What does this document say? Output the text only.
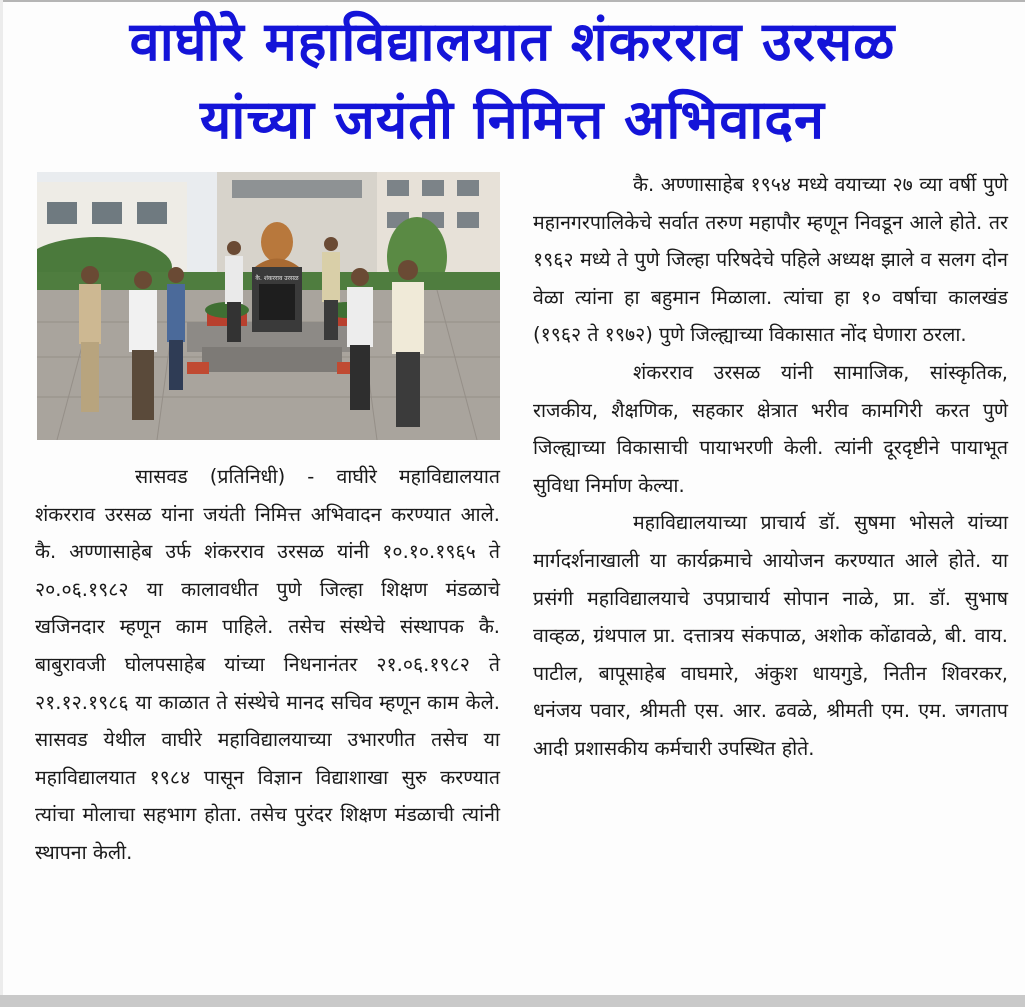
वाघीरे महाविद्यालयात शंकरराव उरसळ
यांच्या जयंती निमित्त अभिवादन
कै. शंकरराव उरसळ

सासवड (प्रतिनिधी) - वाघीरे महाविद्यालयात शंकरराव उरसळ यांना जयंती निमित्त अभिवादन करण्यात आले. कै. अण्णासाहेब उर्फ शंकरराव उरसळ यांनी १०.१०.१९६५ ते २०.०६.१९८२ या कालावधीत पुणे जिल्हा शिक्षण मंडळाचे खजिनदार म्हणून काम पाहिले. तसेच संस्थेचे संस्थापक कै. बाबुरावजी घोलपसाहेब यांच्या निधनानंतर २१.०६.१९८२ ते २१.१२.१९८६ या काळात ते संस्थेचे मानद सचिव म्हणून काम केले. सासवड येथील वाघीरे महाविद्यालयाच्या उभारणीत तसेच या महाविद्यालयात १९८४ पासून विज्ञान विद्याशाखा सुरु करण्यात त्यांचा मोलाचा सहभाग होता. तसेच पुरंदर शिक्षण मंडळाची त्यांनी स्थापना केली.

कै. अण्णासाहेब १९५४ मध्ये वयाच्या २७ व्या वर्षी पुणे महानगरपालिकेचे सर्वात तरुण महापौर म्हणून निवडून आले होते. तर १९६२ मध्ये ते पुणे जिल्हा परिषदेचे पहिले अध्यक्ष झाले व सलग दोन वेळा त्यांना हा बहुमान मिळाला. त्यांचा हा १० वर्षाचा कालखंड (१९६२ ते १९७२) पुणे जिल्ह्याच्या विकासात नोंद घेणारा ठरला.

शंकरराव उरसळ यांनी सामाजिक, सांस्कृतिक, राजकीय, शैक्षणिक, सहकार क्षेत्रात भरीव कामगिरी करत पुणे जिल्ह्याच्या विकासाची पायाभरणी केली. त्यांनी दूरदृष्टीने पायाभूत सुविधा निर्माण केल्या.

महाविद्यालयाच्या प्राचार्य डॉ. सुषमा भोसले यांच्या मार्गदर्शनाखाली या कार्यक्रमाचे आयोजन करण्यात आले होते. या प्रसंगी महाविद्यालयाचे उपप्राचार्य सोपान नाळे, प्रा. डॉ. सुभाष वाव्हळ, ग्रंथपाल प्रा. दत्तात्रय संकपाळ, अशोक कोंढावळे, बी. वाय. पाटील, बापूसाहेब वाघमारे, अंकुश धायगुडे, नितीन शिवरकर, धनंजय पवार, श्रीमती एस. आर. ढवळे, श्रीमती एम. एम. जगताप आदी प्रशासकीय कर्मचारी उपस्थित होते.
